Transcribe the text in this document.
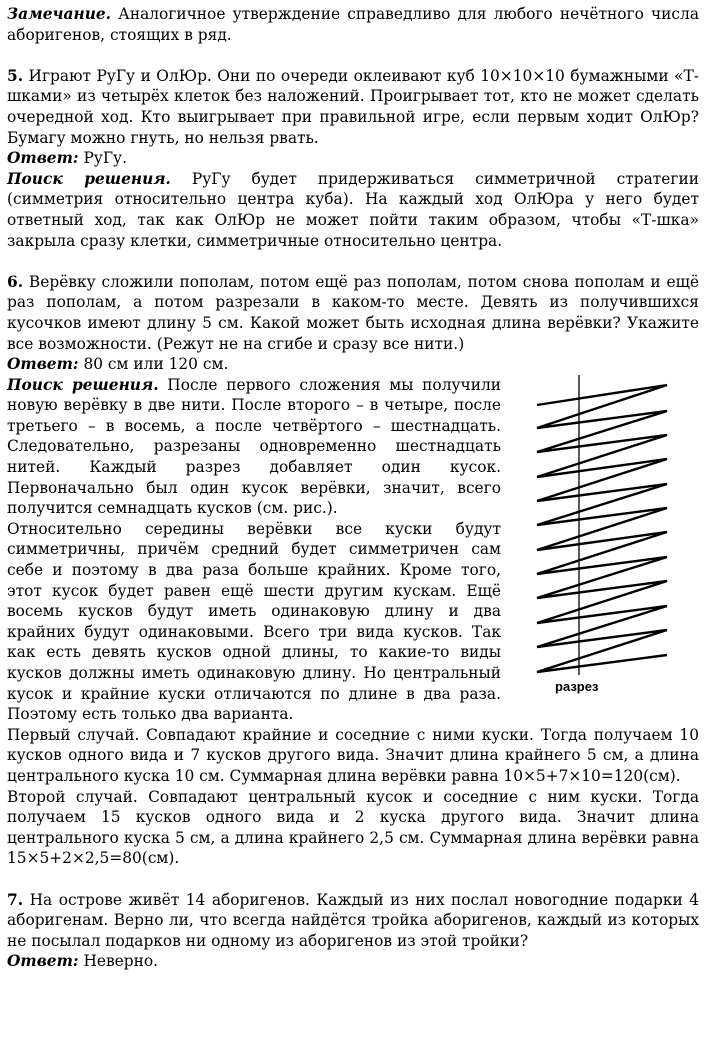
Замечание. Аналогичное утверждение справедливо для любого нечётного числа аборигенов, стоящих в ряд.

5. Играют РуГу и ОлЮр. Они по очереди оклеивают куб 10×10×10 бумажными «Т-шками» из четырёх клеток без наложений. Проигрывает тот, кто не может сделать очередной ход. Кто выигрывает при правильной игре, если первым ходит ОлЮр? Бумагу можно гнуть, но нельзя рвать.

Ответ: РуГу.

Поиск решения. РуГу будет придерживаться симметричной стратегии (симметрия относительно центра куба). На каждый ход ОлЮра у него будет ответный ход, так как ОлЮр не может пойти таким образом, чтобы «Т-шка» закрыла сразу клетки, симметричные относительно центра.

6. Верёвку сложили пополам, потом ещё раз пополам, потом снова пополам и ещё раз пополам, а потом разрезали в каком-то месте. Девять из получившихся кусочков имеют длину 5 см. Какой может быть исходная длина верёвки? Укажите все возможности. (Режут не на сгибе и сразу все нити.)

Ответ: 80 см или 120 см.

разрез

Поиск решения. После первого сложения мы получили новую верёвку в две нити. После второго – в четыре, после третьего – в восемь, а после четвёртого – шестнадцать. Следовательно, разрезаны одновременно шестнадцать нитей. Каждый разрез добавляет один кусок. Первоначально был один кусок верёвки, значит, всего получится семнадцать кусков (см. рис.).

Относительно середины верёвки все куски будут симметричны, причём средний будет симметричен сам себе и поэтому в два раза больше крайних. Кроме того, этот кусок будет равен ещё шести другим кускам. Ещё восемь кусков будут иметь одинаковую длину и два крайних будут одинаковыми. Всего три вида кусков. Так как есть девять кусков одной длины, то какие-то виды кусков должны иметь одинаковую длину. Но центральный кусок и крайние куски отличаются по длине в два раза. Поэтому есть только два варианта.

Первый случай. Совпадают крайние и соседние с ними куски. Тогда получаем 10 кусков одного вида и 7 кусков другого вида. Значит длина крайнего 5 см, а длина центрального куска 10 см. Суммарная длина верёвки равна 10×5+7×10=120(см).

Второй случай. Совпадают центральный кусок и соседние с ним куски. Тогда получаем 15 кусков одного вида и 2 куска другого вида. Значит длина центрального куска 5 см, а длина крайнего 2,5 см. Суммарная длина верёвки равна 15×5+2×2,5=80(см).

7. На острове живёт 14 аборигенов. Каждый из них послал новогодние подарки 4 аборигенам. Верно ли, что всегда найдётся тройка аборигенов, каждый из которых не посылал подарков ни одному из аборигенов из этой тройки?

Ответ: Неверно.
